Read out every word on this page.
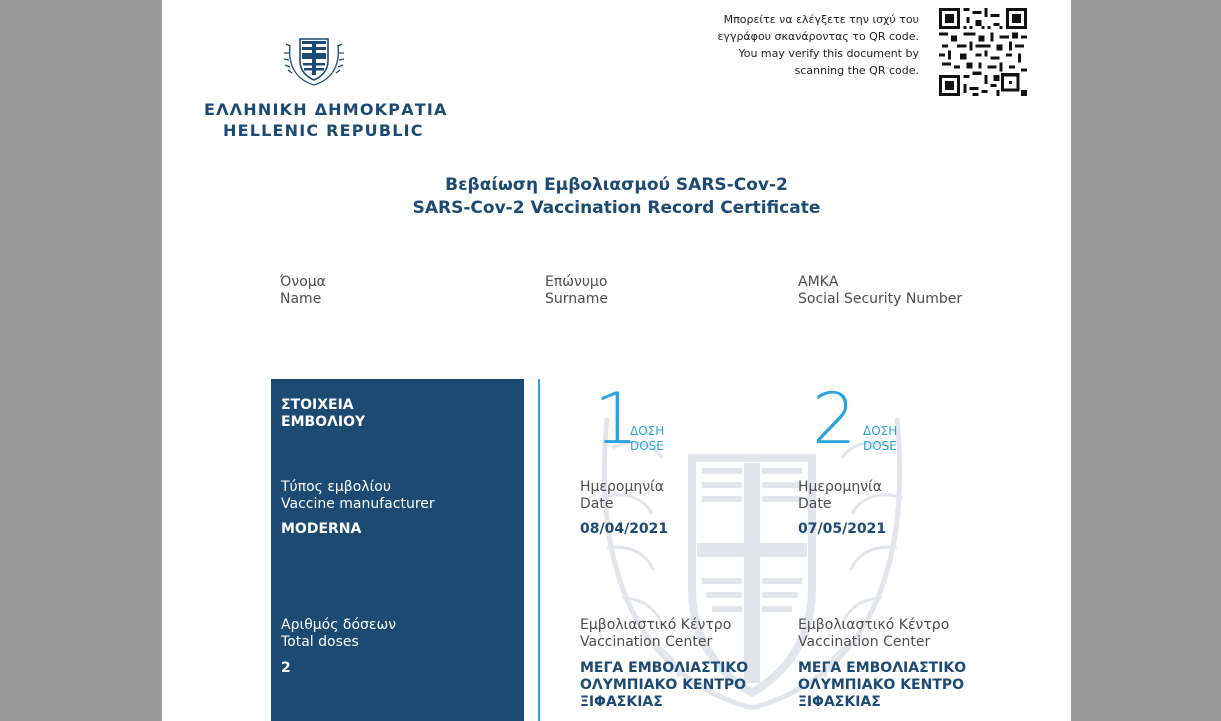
ΕΛΛΗΝΙΚΗ ΔΗΜΟΚΡΑΤΙΑ
HELLENIC REPUBLIC
Μπορείτε να ελέγξετε την ισχύ του
εγγράφου σκανάροντας το QR code.
You may verify this document by
scanning the QR code.
Βεβαίωση Εμβολιασμού SARS-Cov-2
SARS-Cov-2 Vaccination Record Certificate
Όνομα
Name
Επώνυμο
Surname
ΑΜΚΑ
Social Security Number
ΣΤΟΙΧΕΙΑ
ΕΜΒΟΛΙΟΥ
Τύπος εμβολίου
Vaccine manufacturer
MODERNA
Αριθμός δόσεων
Total doses
2
1
ΔΟΣΗ
DOSE
Ημερομηνία
Date
08/04/2021
Εμβολιαστικό Κέντρο
Vaccination Center
ΜΕΓΑ ΕΜΒΟΛΙΑΣΤΙΚΟ
ΟΛΥΜΠΙΑΚΟ ΚΕΝΤΡΟ
ΞΙΦΑΣΚΙΑΣ
2 ΔΟΣΗ
DOSE
Ημερομηνία
Date
07/05/2021
Εμβολιαστικό Κέντρο
Vaccination Center
ΜΕΓΑ ΕΜΒΟΛΙΑΣΤΙΚΟ
ΟΛΥΜΠΙΑΚΟ ΚΕΝΤΡΟ
ΞΙΦΑΣΚΙΑΣ
